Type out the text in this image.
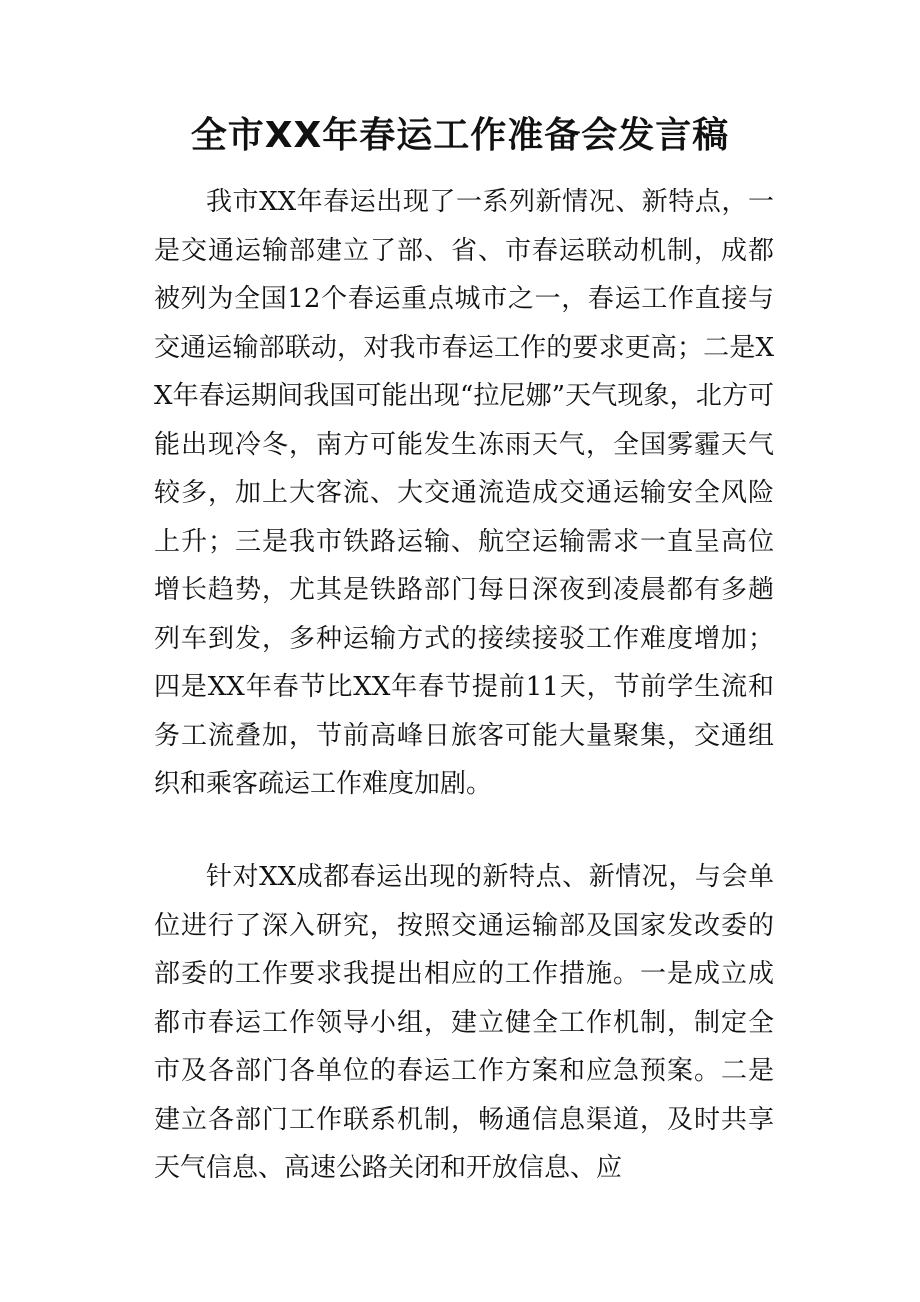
全市XX年春运工作准备会发言稿

我市XX年春运出现了一系列新情况、新特点，一是交通运输部建立了部、省、市春运联动机制，成都被列为全国12个春运重点城市之一，春运工作直接与交通运输部联动，对我市春运工作的要求更高；二是XX年春运期间我国可能出现“拉尼娜”天气现象，北方可能出现冷冬，南方可能发生冻雨天气，全国雾霾天气较多，加上大客流、大交通流造成交通运输安全风险上升；三是我市铁路运输、航空运输需求一直呈高位增长趋势，尤其是铁路部门每日深夜到凌晨都有多趟列车到发，多种运输方式的接续接驳工作难度增加；四是XX年春节比XX年春节提前11天，节前学生流和务工流叠加，节前高峰日旅客可能大量聚集，交通组织和乘客疏运工作难度加剧。

针对XX成都春运出现的新特点、新情况，与会单位进行了深入研究，按照交通运输部及国家发改委的部委的工作要求我提出相应的工作措施。一是成立成都市春运工作领导小组，建立健全工作机制，制定全市及各部门各单位的春运工作方案和应急预案。二是建立各部门工作联系机制，畅通信息渠道，及时共享天气信息、高速公路关闭和开放信息、应
